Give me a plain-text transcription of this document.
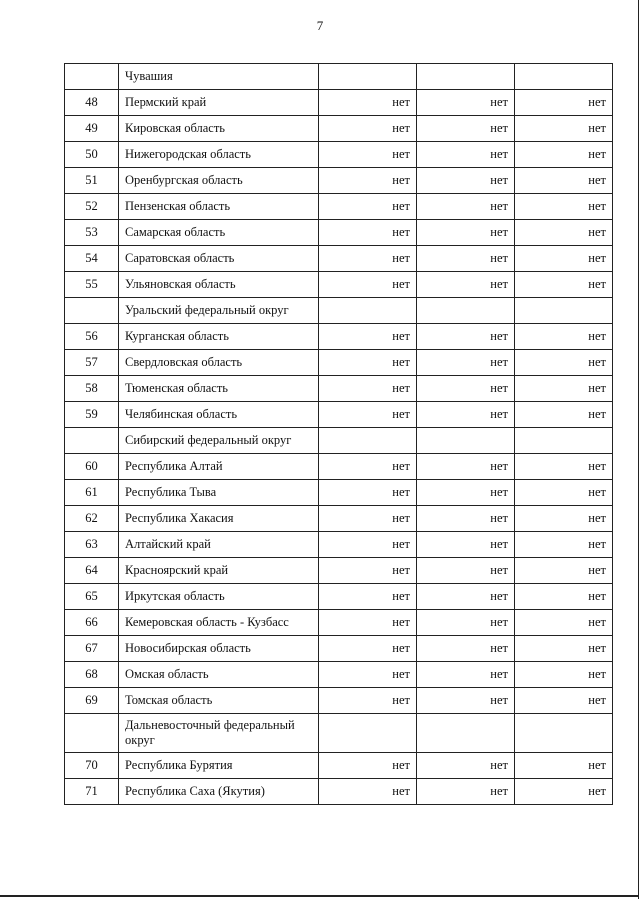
7
	Чувашия			
48	Пермский край	нет	нет	нет
49	Кировская область	нет	нет	нет
50	Нижегородская область	нет	нет	нет
51	Оренбургская область	нет	нет	нет
52	Пензенская область	нет	нет	нет
53	Самарская область	нет	нет	нет
54	Саратовская область	нет	нет	нет
55	Ульяновская область	нет	нет	нет
	Уральский федеральный округ			
56	Курганская область	нет	нет	нет
57	Свердловская область	нет	нет	нет
58	Тюменская область	нет	нет	нет
59	Челябинская область	нет	нет	нет
	Сибирский федеральный округ			
60	Республика Алтай	нет	нет	нет
61	Республика Тыва	нет	нет	нет
62	Республика Хакасия	нет	нет	нет
63	Алтайский край	нет	нет	нет
64	Красноярский край	нет	нет	нет
65	Иркутская область	нет	нет	нет
66	Кемеровская область - Кузбасс	нет	нет	нет
67	Новосибирская область	нет	нет	нет
68	Омская область	нет	нет	нет
69	Томская область	нет	нет	нет
	Дальневосточный федеральный округ			
70	Республика Бурятия	нет	нет	нет
71	Республика Саха (Якутия)	нет	нет	нет
